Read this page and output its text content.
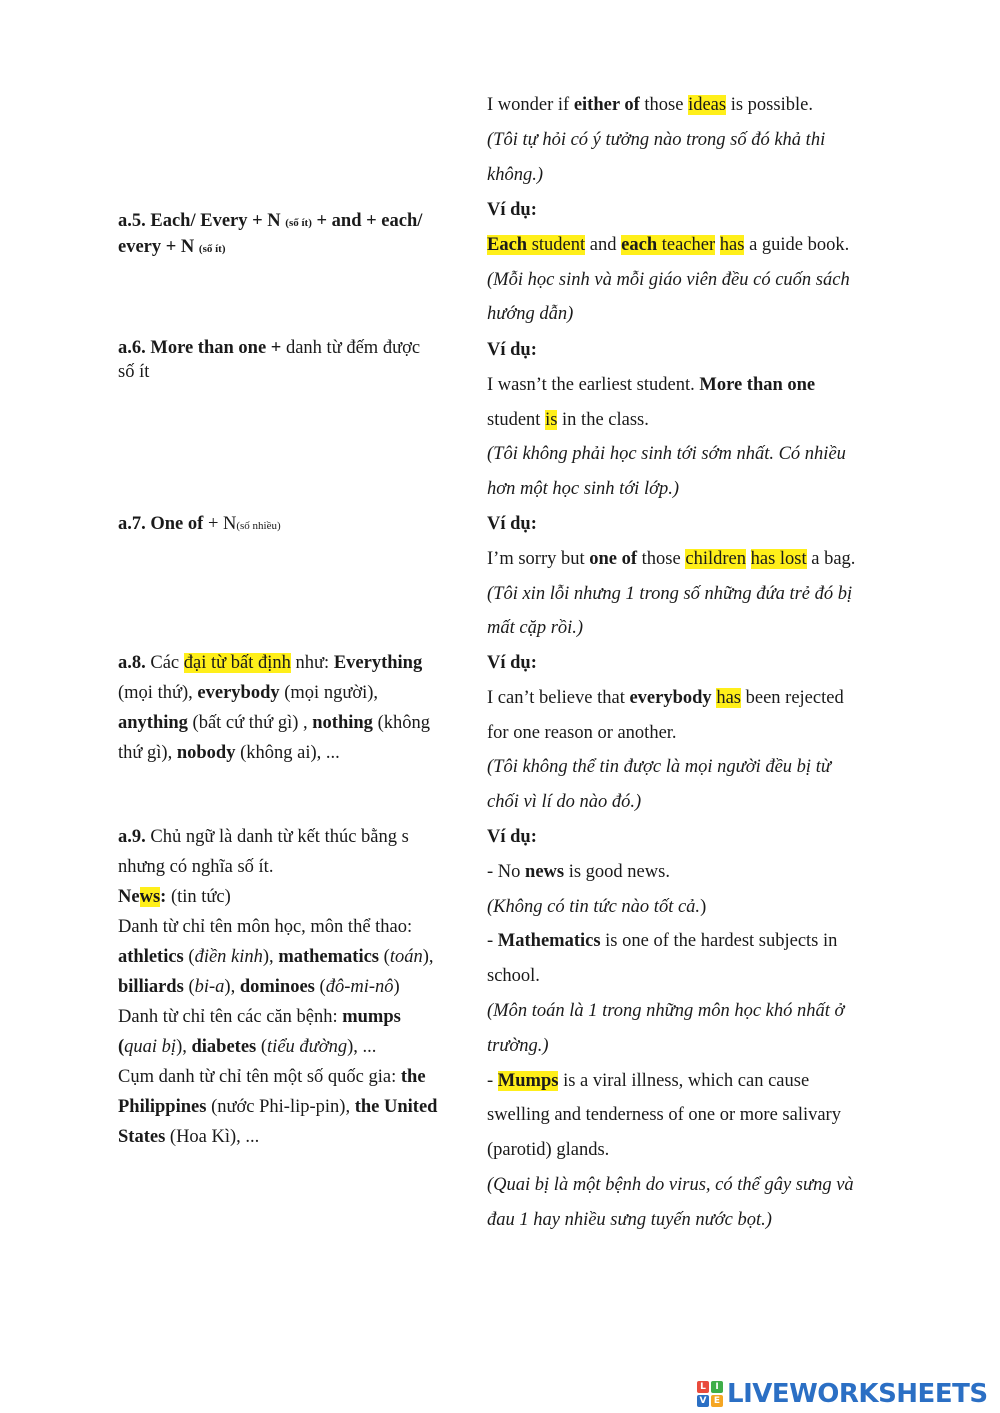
I wonder if either of those ideas is possible.
(Tôi tự hỏi có ý tưởng nào trong số đó khả thi
không.)
a.5. Each/ Every + N (số ít) + and + each/
every + N (số ít)
Ví dụ:
Each student and each teacher has a guide book.
(Mỗi học sinh và mỗi giáo viên đều có cuốn sách
hướng dẫn)
a.6. More than one + danh từ đếm được
số ít
Ví dụ:
I wasn’t the earliest student. More than one
student is in the class.
(Tôi không phải học sinh tới sớm nhất. Có nhiều
hơn một học sinh tới lớp.)
a.7. One of + N(số nhiều)	Ví dụ:
I’m sorry but one of those children has lost a bag.
(Tôi xin lỗi nhưng 1 trong số những đứa trẻ đó bị
mất cặp rồi.)
a.8. Các đại từ bất định như: Everything
(mọi thứ), everybody (mọi người),
anything (bất cứ thứ gì) , nothing (không
thứ gì), nobody (không ai), ...
Ví dụ:
I can’t believe that everybody has been rejected
for one reason or another.
(Tôi không thể tin được là mọi người đều bị từ
chối vì lí do nào đó.)
a.9. Chủ ngữ là danh từ kết thúc bằng s
nhưng có nghĩa số ít.
News: (tin tức)
Danh từ chỉ tên môn học, môn thể thao:
athletics (điền kinh), mathematics (toán),
billiards (bi-a), dominoes (đô-mi-nô)
Danh từ chỉ tên các căn bệnh: mumps
(quai bị), diabetes (tiểu đường), ...
Cụm danh từ chỉ tên một số quốc gia: the
Philippines (nước Phi-lip-pin), the United
States (Hoa Kì), ...
Ví dụ:
- No news is good news.
(Không có tin tức nào tốt cả.)
- Mathematics is one of the hardest subjects in
school.
(Môn toán là 1 trong những môn học khó nhất ở
trường.)
- Mumps is a viral illness, which can cause
swelling and tenderness of one or more salivary
(parotid) glands.
(Quai bị là một bệnh do virus, có thể gây sưng và
đau 1 hay nhiều sưng tuyến nước bọt.)
L	I
V E LIVEWORKSHEETS
